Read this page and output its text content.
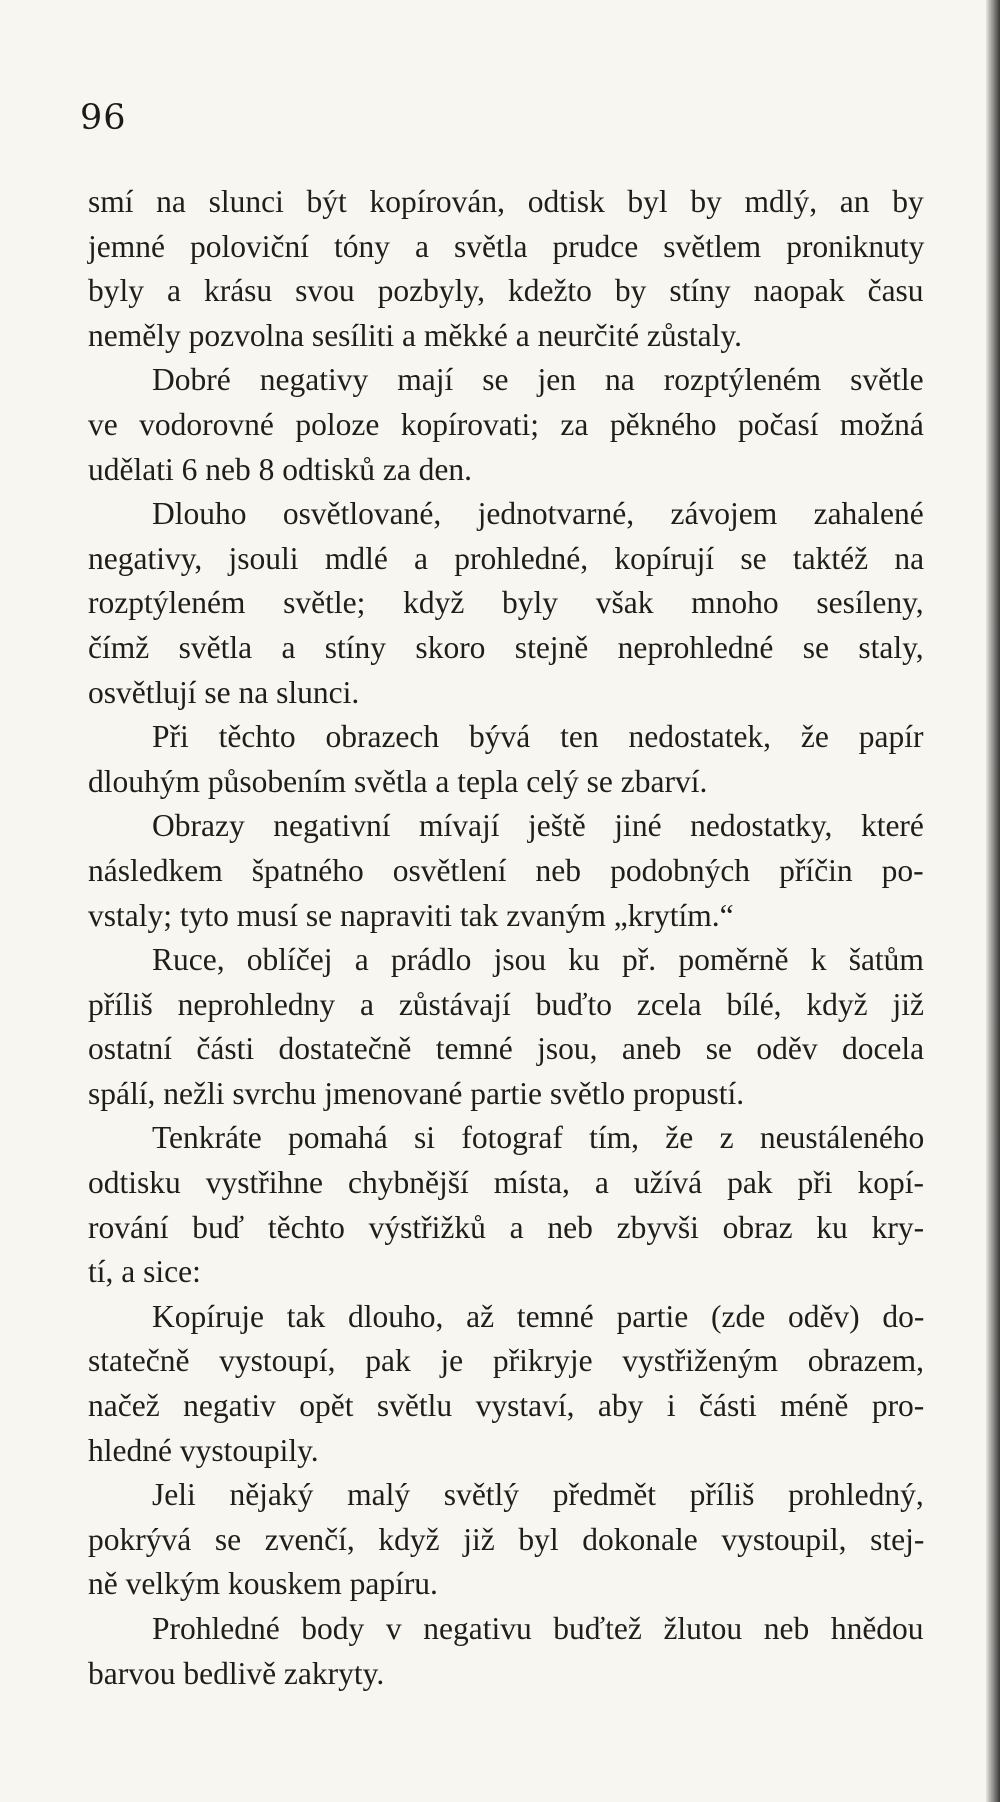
96
smí na slunci být kopírován, odtisk byl by mdlý, an by
jemné poloviční tóny a světla prudce světlem proniknuty
byly a krásu svou pozbyly, kdežto by stíny naopak času
neměly pozvolna sesíliti a měkké a neurčité zůstaly.
Dobré negativy mají se jen na rozptýleném světle
ve vodorovné poloze kopírovati; za pěkného počasí možná
udělati 6 neb 8 odtisků za den.
Dlouho osvětlované, jednotvarné, závojem zahalené
negativy, jsouli mdlé a prohledné, kopírují se taktéž na
rozptýleném světle; když byly však mnoho sesíleny,
čímž světla a stíny skoro stejně neprohledné se staly,
osvětlují se na slunci.
Při těchto obrazech bývá ten nedostatek, že papír
dlouhým působením světla a tepla celý se zbarví.
Obrazy negativní mívají ještě jiné nedostatky, které
následkem špatného osvětlení neb podobných příčin po-
vstaly; tyto musí se napraviti tak zvaným „krytím.“
Ruce, oblíčej a prádlo jsou ku př. poměrně k šatům
příliš neprohledny a zůstávají buďto zcela bílé, když již
ostatní části dostatečně temné jsou, aneb se oděv docela
spálí, nežli svrchu jmenované partie světlo propustí.
Tenkráte pomahá si fotograf tím, že z neustáleného
odtisku vystřihne chybnější místa, a užívá pak při kopí-
rování buď těchto výstřižků a neb zbyvši obraz ku kry-
tí, a sice:
Kopíruje tak dlouho, až temné partie (zde oděv) do-
statečně vystoupí, pak je přikryje vystřiženým obrazem,
načež negativ opět světlu vystaví, aby i části méně pro-
hledné vystoupily.
Jeli nějaký malý světlý předmět příliš prohledný,
pokrývá se zvenčí, když již byl dokonale vystoupil, stej-
ně velkým kouskem papíru.
Prohledné body v negativu buďtež žlutou neb hnědou
barvou bedlivě zakryty.
